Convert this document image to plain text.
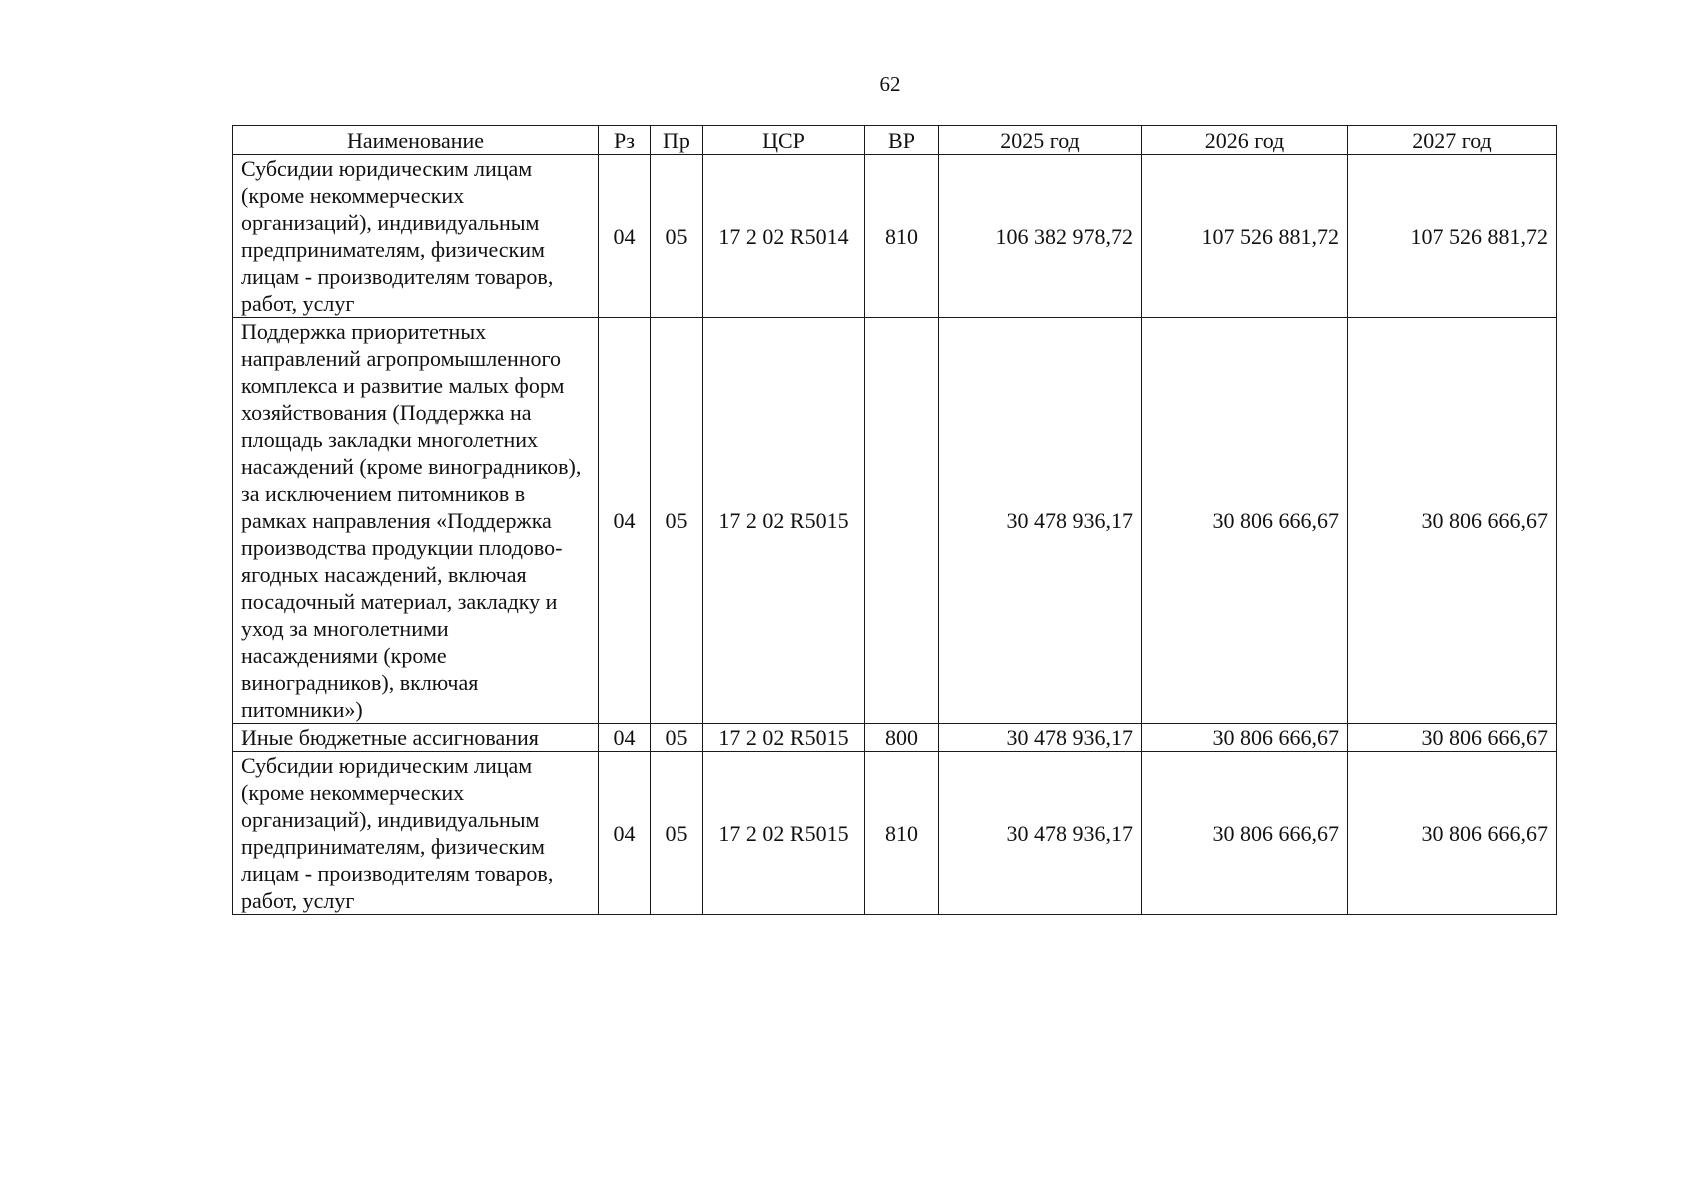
62
Наименование	Рз	Пр	ЦСР	ВР	2025 год	2026 год	2027 год
Субсидии юридическим лицам (кроме некоммерческих организаций), индивидуальным предпринимателям, физическим лицам - производителям товаров, работ, услуг	04	05	17 2 02 R5014	810	106 382 978,72	107 526 881,72	107 526 881,72
Поддержка приоритетных направлений агропромышленного комплекса и развитие малых форм хозяйствования (Поддержка на площадь закладки многолетних насаждений (кроме виноградников), за исключением питомников в рамках направления «Поддержка производства продукции плодово-ягодных насаждений, включая посадочный материал, закладку и уход за многолетними насаждениями (кроме виноградников), включая питомники»)	04	05	17 2 02 R5015		30 478 936,17	30 806 666,67	30 806 666,67
Иные бюджетные ассигнования	04	05	17 2 02 R5015	800	30 478 936,17	30 806 666,67	30 806 666,67
Субсидии юридическим лицам (кроме некоммерческих организаций), индивидуальным предпринимателям, физическим лицам - производителям товаров, работ, услуг	04	05	17 2 02 R5015	810	30 478 936,17	30 806 666,67	30 806 666,67
